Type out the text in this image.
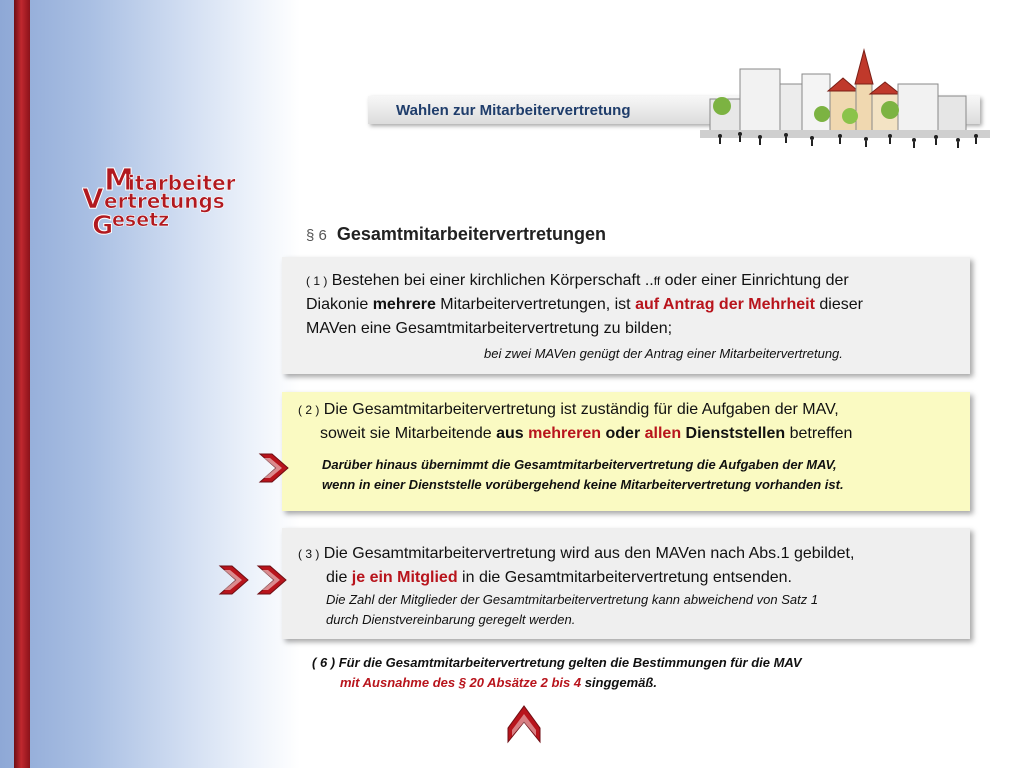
Wahlen zur Mitarbeitervertretung
M
itarbeiter
V ertretungs
G
esetz
§ 6 Gesamtmitarbeitervertretungen
( 1 ) Bestehen bei einer kirchlichen Körperschaft ..ff oder einer Einrichtung der
Diakonie mehrere Mitarbeitervertretungen, ist auf Antrag der Mehrheit dieser
MAVen eine Gesamtmitarbeitervertretung zu bilden;
bei zwei MAVen genügt der Antrag einer Mitarbeitervertretung.
( 2 ) Die Gesamtmitarbeitervertretung ist zuständig für die Aufgaben der MAV,
soweit sie Mitarbeitende aus mehreren oder allen Dienststellen betreffen
Darüber hinaus übernimmt die Gesamtmitarbeitervertretung die Aufgaben der MAV,
wenn in einer Dienststelle vorübergehend keine Mitarbeitervertretung vorhanden ist.
( 3 ) Die Gesamtmitarbeitervertretung wird aus den MAVen nach Abs.1 gebildet,
die je ein Mitglied in die Gesamtmitarbeitervertretung entsenden.
Die Zahl der Mitglieder der Gesamtmitarbeitervertretung kann abweichend von Satz 1
durch Dienstvereinbarung geregelt werden.
( 6 ) Für die Gesamtmitarbeitervertretung gelten die Bestimmungen für die MAV
mit Ausnahme des § 20 Absätze 2 bis 4 singgemäß.
